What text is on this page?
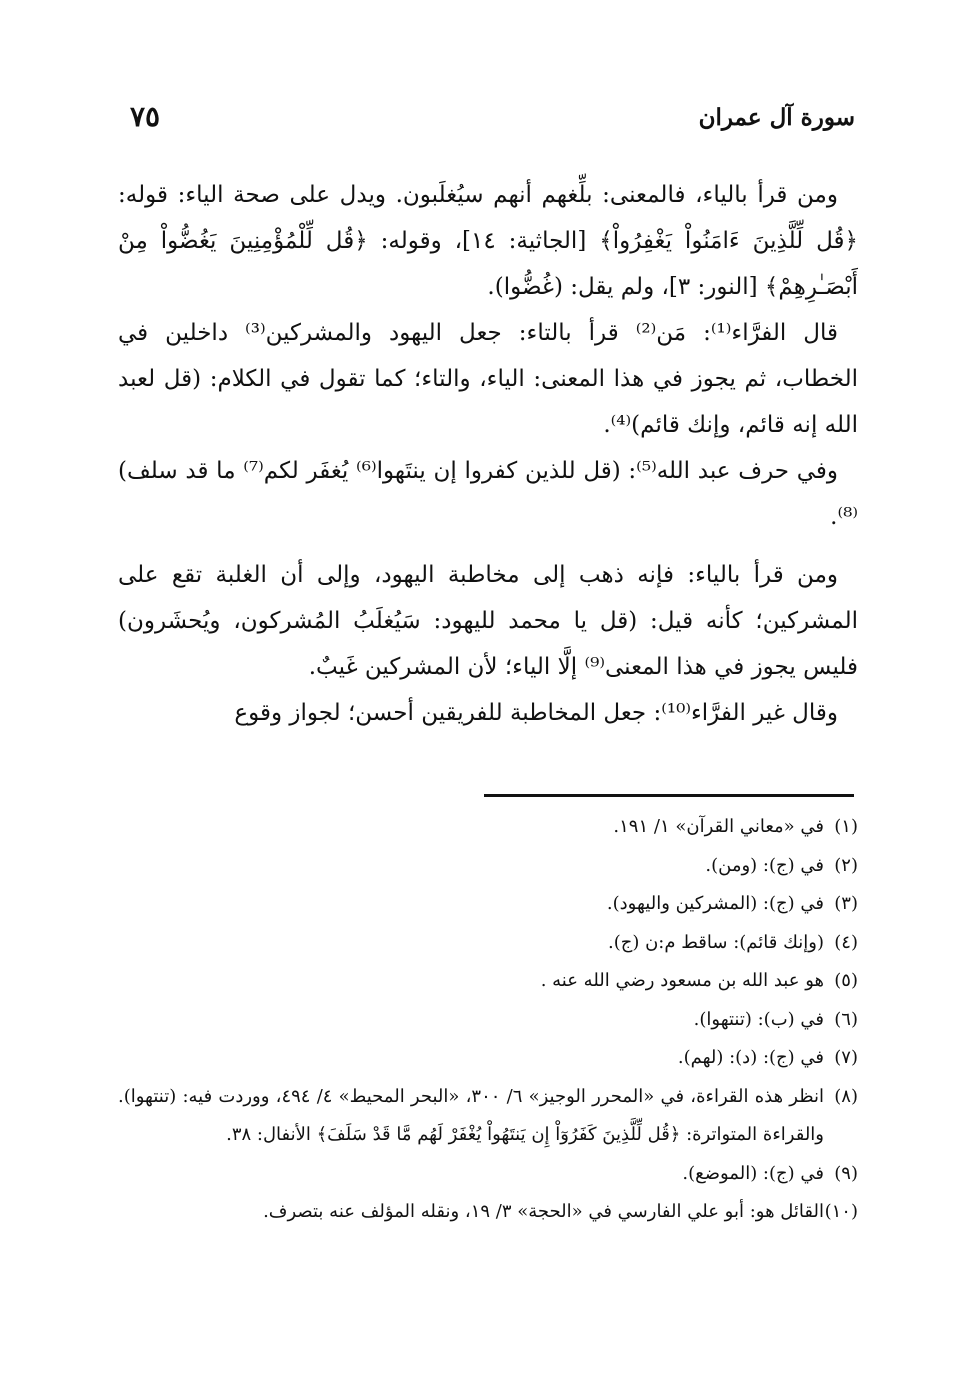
سورة آل عمران
٧٥

ومن قرأ بالياء، فالمعنى: بلِّغهم أنهم سيُغلَبون. ويدل على صحة الياء: قوله: ﴿قُل لِّلَّذِينَ ءَامَنُواْ يَغْفِرُواْ﴾ [الجاثية: ١٤]، وقوله: ﴿قُل لِّلْمُؤْمِنِينَ يَغُضُّواْ مِنْ أَبْصَـٰرِهِمْ﴾ [النور: ٣]، ولم يقل: (غُضُّوا).

قال الفرَّاء⁽¹⁾: مَن⁽²⁾ قرأ بالتاء: جعل اليهود والمشركين⁽³⁾ داخلين في الخطاب، ثم يجوز في هذا المعنى: الياء، والتاء؛ كما تقول في الكلام: (قل لعبد الله إنه قائم، وإنك قائم)⁽⁴⁾.

وفي حرف عبد الله⁽⁵⁾: (قل للذين كفروا إن ينتَهوا⁽⁶⁾ يُغفَر لكم⁽⁷⁾ ما قد سلف)⁽⁸⁾.

ومن قرأ بالياء: فإنه ذهب إلى مخاطبة اليهود، وإلى أن الغلبة تقع على المشركين؛ كأنه قيل: (قل يا محمد لليهود: سَيُغلَبُ المُشركون، ويُحشَرون) فليس يجوز في هذا المعنى⁽⁹⁾ إلَّا الياء؛ لأن المشركين غَيبٌ.

وقال غير الفرَّاء⁽¹⁰⁾: جعل المخاطبة للفريقين أحسن؛ لجواز وقوع

(١)في «معاني القرآن» ١/ ١٩١.

(٢)في (ج): (ومن).

(٣)في (ج): (المشركين واليهود).

(٤)(وإنك قائم): ساقط م:ن (ج).

(٥)هو عبد الله بن مسعود رضي الله عنه .

(٦)في (ب): (تنتهوا).

(٧)في (ج): (د): (لهم).

(٨)انظر هذه القراءة، في «المحرر الوجيز» ٦/ ٣٠٠، «البحر المحيط» ٤/ ٤٩٤، ووردت فيه: (تنتهوا). والقراءة المتواترة: ﴿قُل لِّلَّذِينَ كَفَرُوٓاْ إِن يَنتَهُواْ يُغْفَرْ لَهُم مَّا قَدْ سَلَفَ﴾ الأنفال: ٣٨.

(٩)في (ج): (الموضع).

(١٠)القائل هو: أبو علي الفارسي في «الحجة» ٣/ ١٩، ونقله المؤلف عنه بتصرف.
